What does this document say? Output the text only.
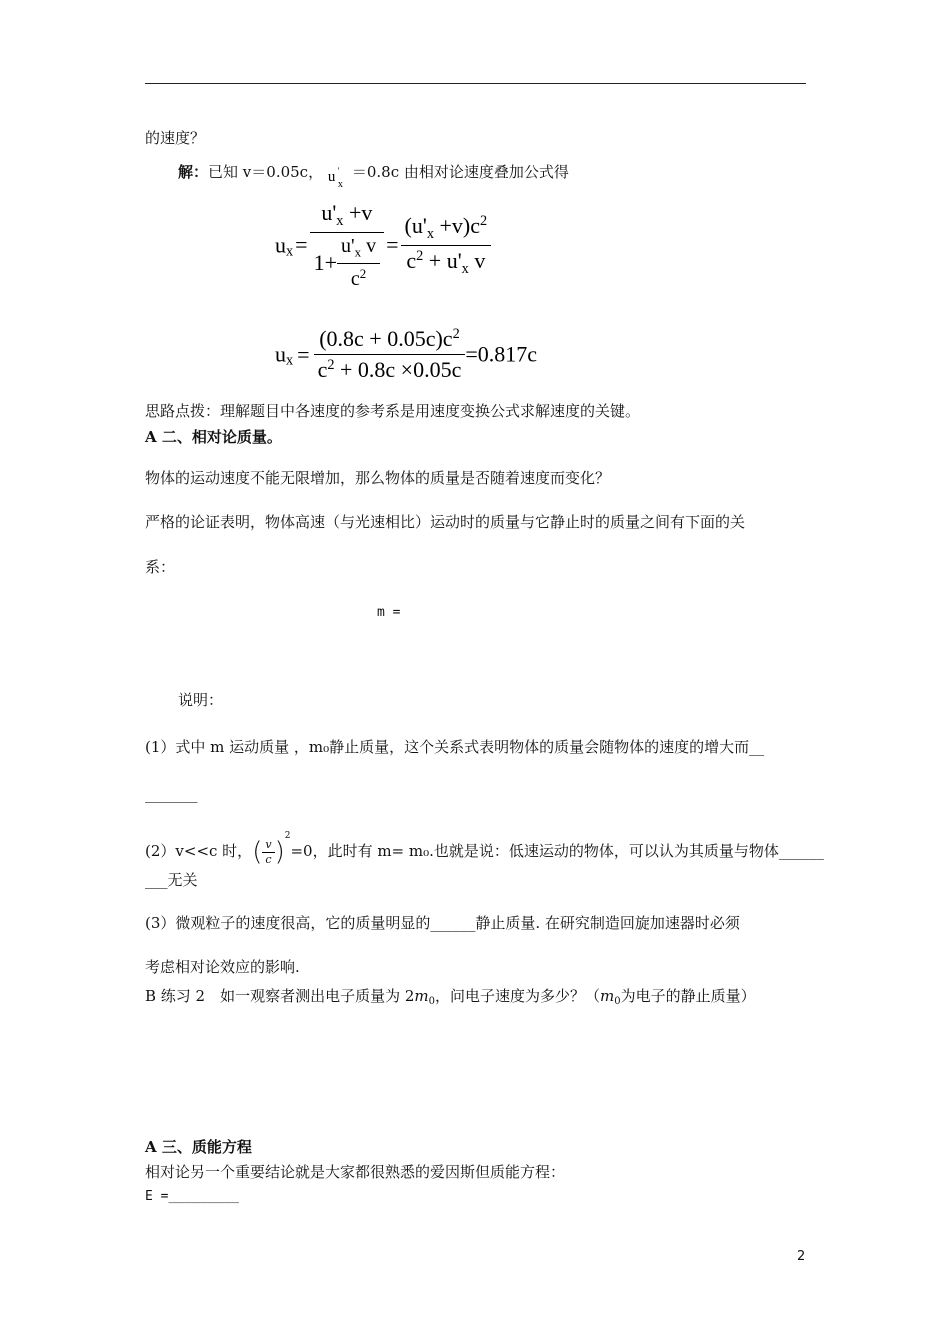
的速度？
解：已知 v＝0.05c， u '
x
＝0.8c 由相对论速度叠加公式得
$u_x= \frac{u'_x +v}{1+ \frac{u'_x v}{c^2}} = \frac{(u'_x +v)c^2}{c^2 + u'_x v}$
$u_x = \frac{(0.8c + 0.05c)c^2}{c^2 + 0.8c \times 0.05c} =0.817c$
思路点拨：理解题目中各速度的参考系是用速度变换公式求解速度的关键。
A 二、相对论质量。
物体的运动速度不能无限增加，那么物体的质量是否随着速度而变化？
严格的论证表明，物体高速（与光速相比）运动时的质量与它静止时的质量之间有下面的关
系：
m =
说明：
(1）式中 m 运动质量 ，m₀静止质量，这个关系式表明物体的质量会随物体的速度的增大而__
_______
(2）v<<c 时，( $\frac{v}{c} )^2=0$，此时有 m= m₀.也就是说：低速运动的物体，可以认为其质量与物体______
___无关
(3）微观粒子的速度很高，它的质量明显的______静止质量. 在研究制造回旋加速器时必须
考虑相对论效应的影响.
B 练习 2　如一观察者测出电子质量为 $2m_0$，问电子速度为多少？（$m_0$为电子的静止质量）
A 三、质能方程
相对论另一个重要结论就是大家都很熟悉的爱因斯但质能方程：
E =_________
2
